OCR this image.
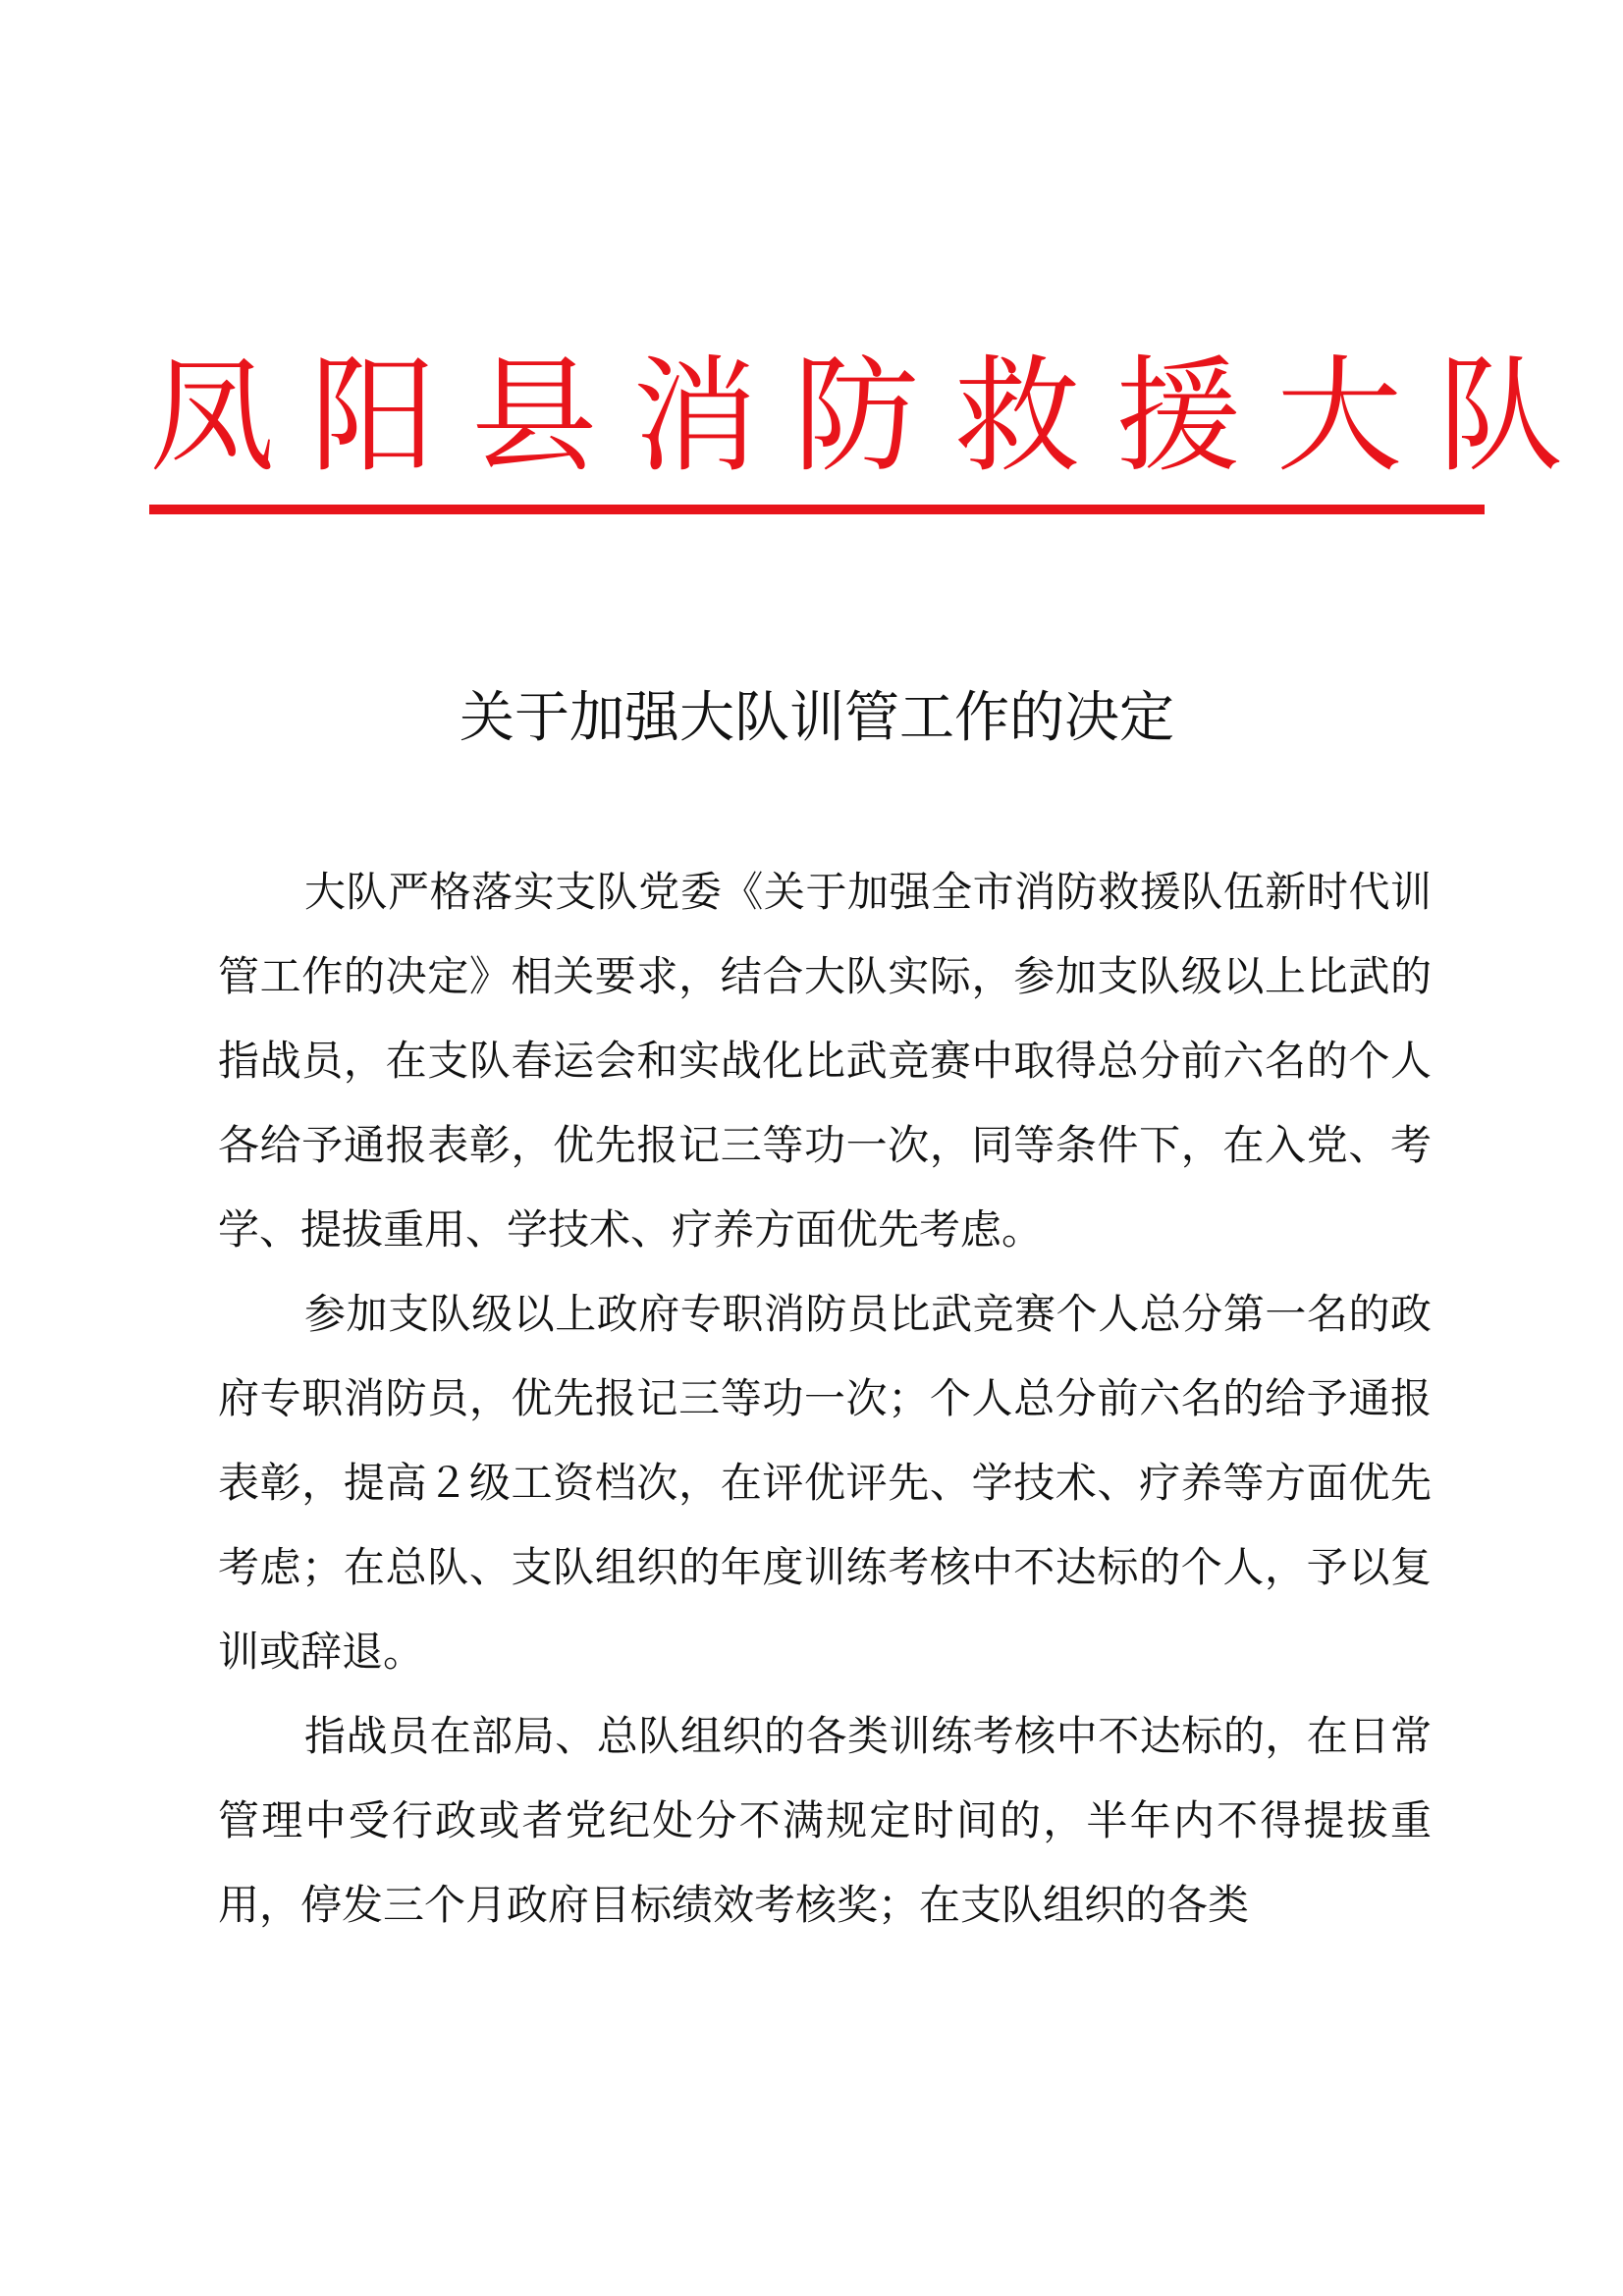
凤阳县消防救援大队
关于加强大队训管工作的决定

大队严格落实支队党委《关于加强全市消防救援队伍新时代训管工作的决定》相关要求，结合大队实际，参加支队级以上比武的指战员，在支队春运会和实战化比武竞赛中取得总分前六名的个人各给予通报表彰，优先报记三等功一次，同等条件下，在入党、考学、提拔重用、学技术、疗养方面优先考虑。

参加支队级以上政府专职消防员比武竞赛个人总分第一名的政府专职消防员，优先报记三等功一次；个人总分前六名的给予通报表彰，提高２级工资档次，在评优评先、学技术、疗养等方面优先考虑；在总队、支队组织的年度训练考核中不达标的个人，予以复训或辞退。

指战员在部局、总队组织的各类训练考核中不达标的，在日常管理中受行政或者党纪处分不满规定时间的，半年内不得提拔重用，停发三个月政府目标绩效考核奖；在支队组织的各类
